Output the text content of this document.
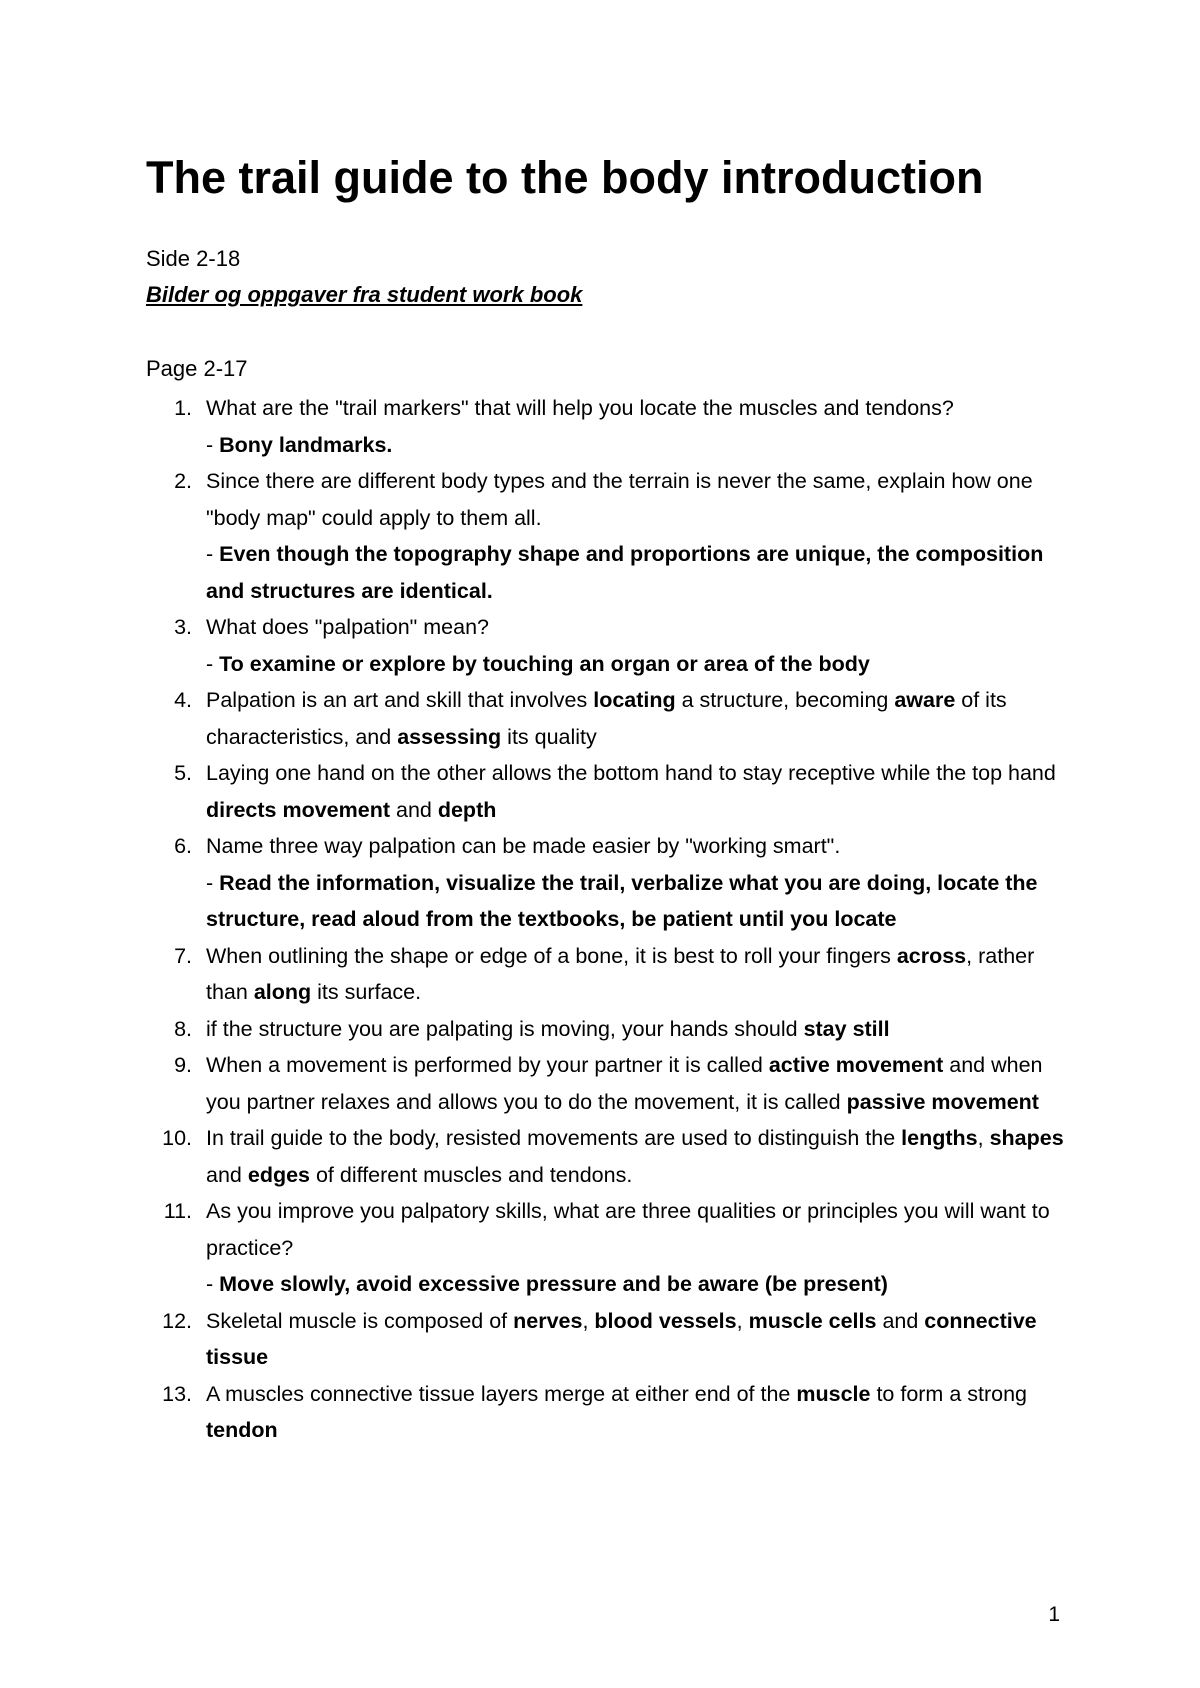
The trail guide to the body introduction

Side 2-18

Bilder og oppgaver fra student work book

Page 2-17

1. What are the "trail markers" that will help you locate the muscles and tendons?
- Bony landmarks.
2. Since there are different body types and the terrain is never the same, explain how one "body map" could apply to them all.
- Even though the topography shape and proportions are unique, the composition and structures are identical.
3. What does "palpation" mean?
- To examine or explore by touching an organ or area of the body
4. Palpation is an art and skill that involves locating a structure, becoming aware of its characteristics, and assessing its quality
5. Laying one hand on the other allows the bottom hand to stay receptive while the top hand directs movement and depth
6. Name three way palpation can be made easier by "working smart".
- Read the information, visualize the trail, verbalize what you are doing, locate the structure, read aloud from the textbooks, be patient until you locate
7. When outlining the shape or edge of a bone, it is best to roll your fingers across, rather than along its surface.
8. if the structure you are palpating is moving, your hands should stay still
9. When a movement is performed by your partner it is called active movement and when you partner relaxes and allows you to do the movement, it is called passive movement
10. In trail guide to the body, resisted movements are used to distinguish the lengths, shapes and edges of different muscles and tendons.
11. As you improve you palpatory skills, what are three qualities or principles you will want to practice?
- Move slowly, avoid excessive pressure and be aware (be present)
12. Skeletal muscle is composed of nerves, blood vessels, muscle cells and connective tissue
13. A muscles connective tissue layers merge at either end of the muscle to form a strong tendon
1
